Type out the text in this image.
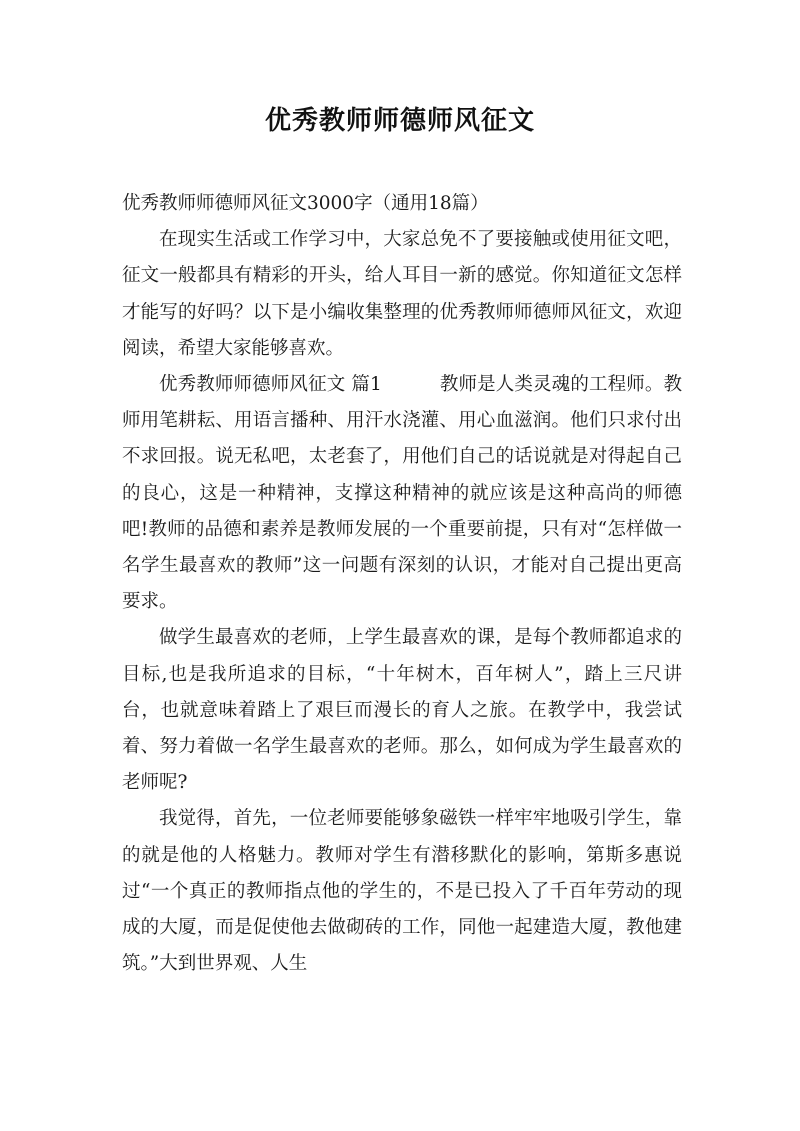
优秀教师师德师风征文

优秀教师师德师风征文3000字（通用18篇）

在现实生活或工作学习中，大家总免不了要接触或使用征文吧，征文一般都具有精彩的开头，给人耳目一新的感觉。你知道征文怎样才能写的好吗？以下是小编收集整理的优秀教师师德师风征文，欢迎阅读，希望大家能够喜欢。

优秀教师师德师风征文 篇1	教师是人类灵魂的工程师。教师用笔耕耘、用语言播种、用汗水浇灌、用心血滋润。他们只求付出不求回报。说无私吧，太老套了，用他们自己的话说就是对得起自己的良心，这是一种精神，支撑这种精神的就应该是这种高尚的师德吧!教师的品德和素养是教师发展的一个重要前提，只有对“怎样做一名学生最喜欢的教师”这一问题有深刻的认识，才能对自己提出更高要求。

做学生最喜欢的老师，上学生最喜欢的课，是每个教师都追求的目标,也是我所追求的目标，“十年树木，百年树人”，踏上三尺讲台，也就意味着踏上了艰巨而漫长的育人之旅。在教学中，我尝试着、努力着做一名学生最喜欢的老师。那么，如何成为学生最喜欢的老师呢?

我觉得，首先，一位老师要能够象磁铁一样牢牢地吸引学生，靠的就是他的人格魅力。教师对学生有潜移默化的影响，第斯多惠说过“一个真正的教师指点他的学生的，不是已投入了千百年劳动的现成的大厦，而是促使他去做砌砖的工作，同他一起建造大厦，教他建筑。”大到世界观、人生
